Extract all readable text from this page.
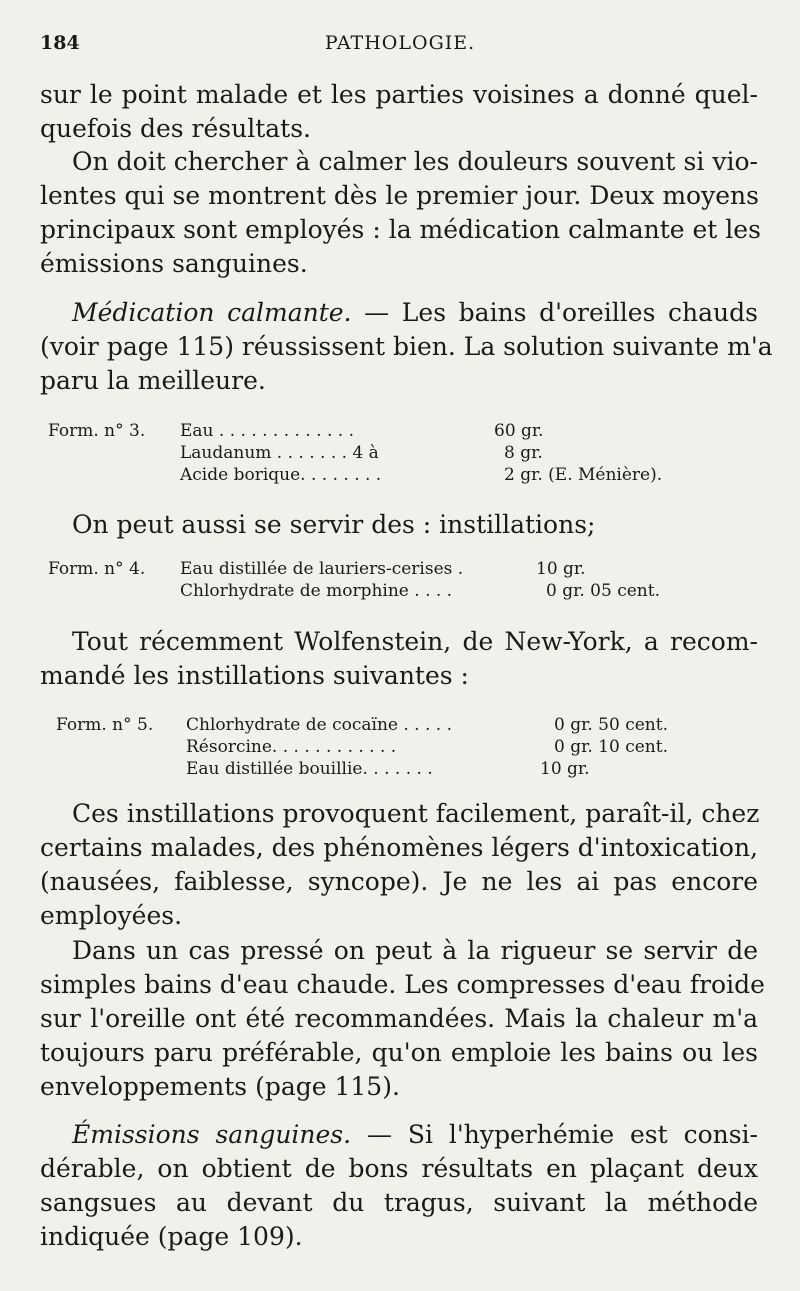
184	PATHOLOGIE.
sur le point malade et les parties voisines a donné quel-
quefois des résultats.
On doit chercher à calmer les douleurs souvent si vio-
lentes qui se montrent dès le premier jour. Deux moyens
principaux sont employés : la médication calmante et les
émissions sanguines.
Médication calmante. — Les bains d'oreilles chauds
(voir page 115) réussissent bien. La solution suivante m'a
paru la meilleure.
Form. n° 3. Eau . . . . . . . . . . . . .	60 gr.
Laudanum . . . . . . . 4 à	8 gr.
Acide borique. . . . . . . .	2 gr. (E. Ménière).
On peut aussi se servir des : instillations;
Form. n° 4. Eau distillée de lauriers-cerises .	10 gr.
Chlorhydrate de morphine . . . .	0 gr. 05 cent.
Tout récemment Wolfenstein, de New-York, a recom-
mandé les instillations suivantes :
Form. n° 5. Chlorhydrate de cocaïne . . . . .	0 gr. 50 cent.
Résorcine. . . . . . . . . . . .	0 gr. 10 cent.
Eau distillée bouillie. . . . . . .	10 gr.
Ces instillations provoquent facilement, paraît-il, chez
certains malades, des phénomènes légers d'intoxication,
(nausées, faiblesse, syncope). Je ne les ai pas encore
employées.
Dans un cas pressé on peut à la rigueur se servir de
simples bains d'eau chaude. Les compresses d'eau froide
sur l'oreille ont été recommandées. Mais la chaleur m'a
toujours paru préférable, qu'on emploie les bains ou les
enveloppements (page 115).
Émissions sanguines. — Si l'hyperhémie est consi-
dérable, on obtient de bons résultats en plaçant deux
sangsues au devant du tragus, suivant la méthode
indiquée (page 109).
